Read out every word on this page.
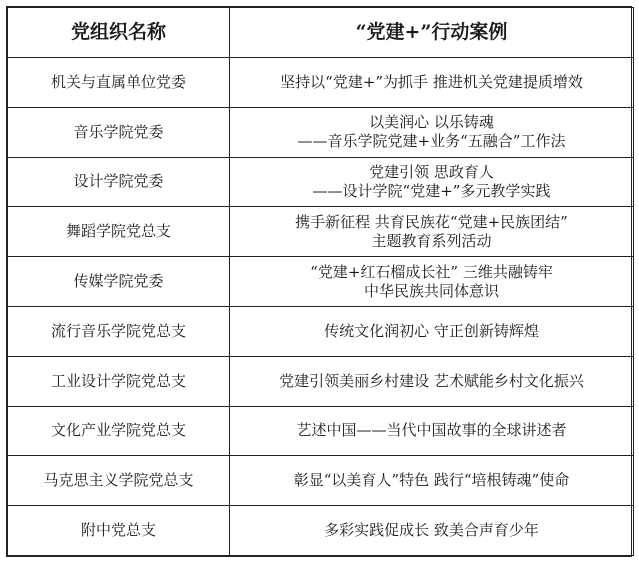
党组织名称	“党建+”行动案例
机关与直属单位党委	坚持以“党建+”为抓手 推进机关党建提质增效

音乐学院党委	以美润心 以乐铸魂
——音乐学院党建+业务“五融合”工作法

设计学院党委	党建引领 思政育人
——设计学院“党建+”多元教学实践

舞蹈学院党总支	携手新征程 共育民族花“党建+民族团结”
主题教育系列活动

传媒学院党委	“党建+红石榴成长社” 三维共融铸牢
中华民族共同体意识

流行音乐学院党总支	传统文化润初心 守正创新铸辉煌

工业设计学院党总支	党建引领美丽乡村建设 艺术赋能乡村文化振兴

文化产业学院党总支	艺述中国——当代中国故事的全球讲述者

马克思主义学院党总支	彰显“以美育人”特色 践行“培根铸魂”使命

附中党总支	多彩实践促成长 致美合声育少年
